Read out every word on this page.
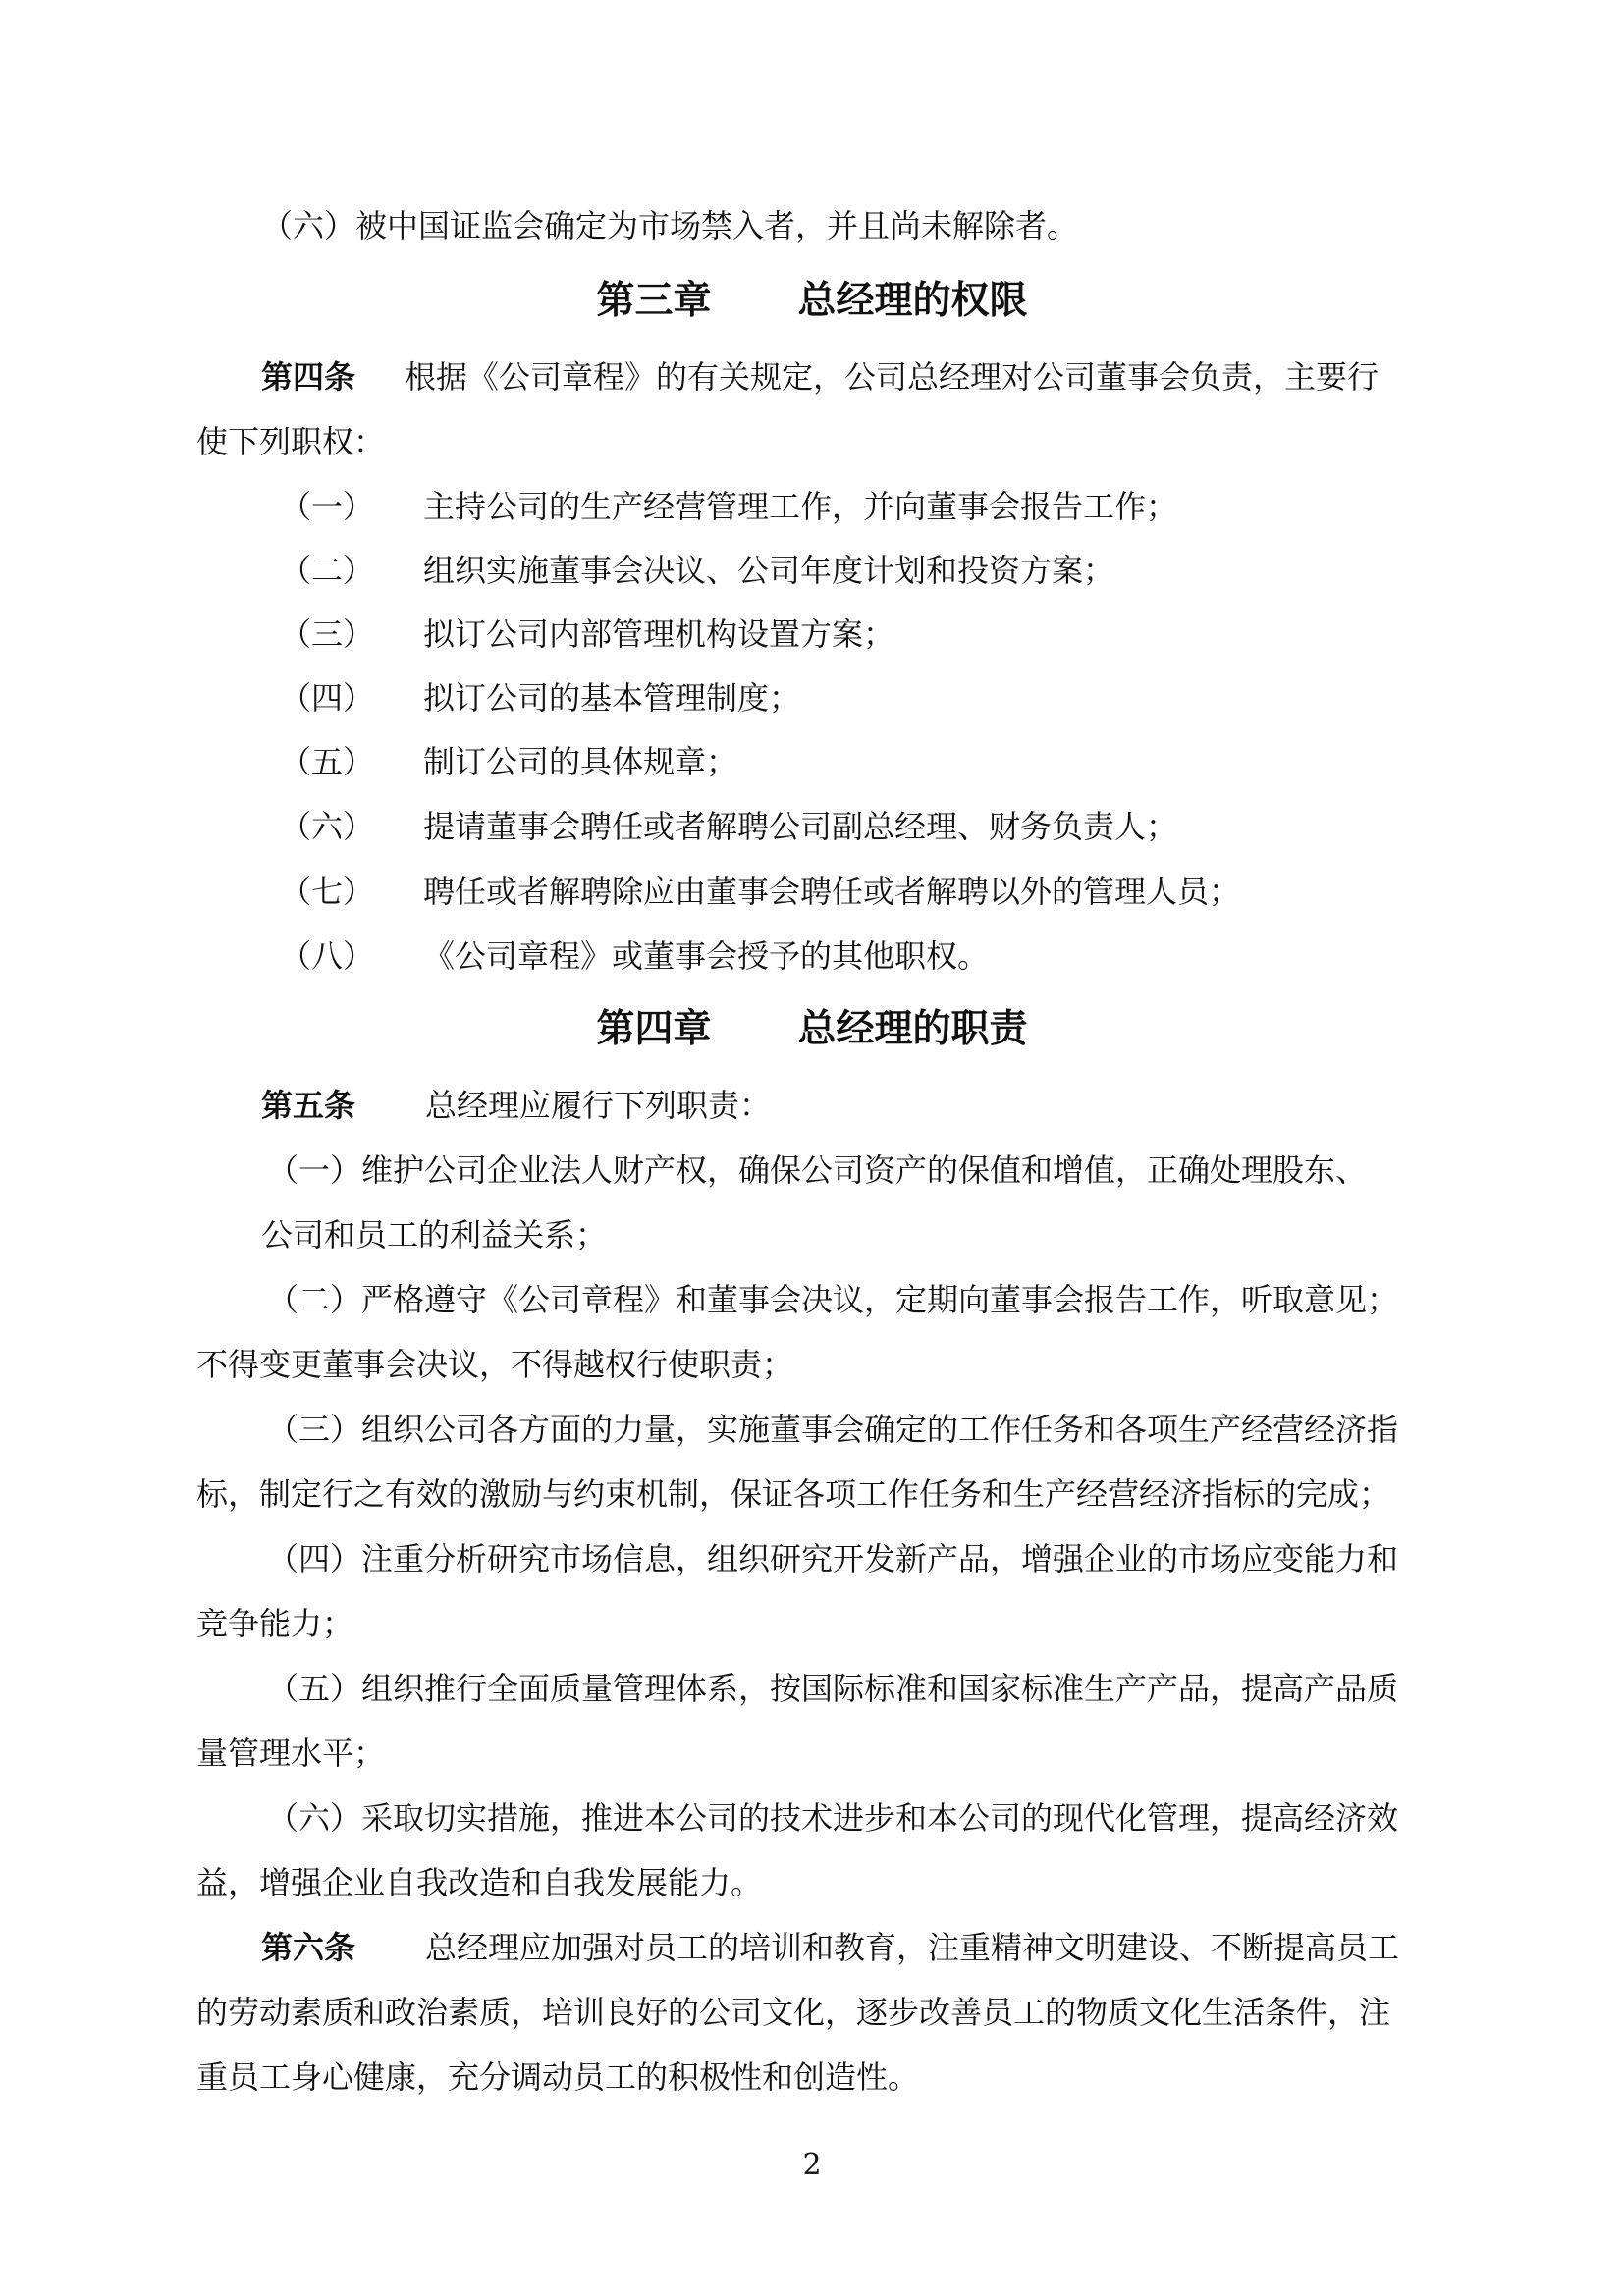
（六）被中国证监会确定为市场禁入者，并且尚未解除者。
第三章 总经理的权限
第四条 根据《公司章程》的有关规定，公司总经理对公司董事会负责，主要行
使下列职权：
（一） 主持公司的生产经营管理工作，并向董事会报告工作；
（二） 组织实施董事会决议、公司年度计划和投资方案；
（三） 拟订公司内部管理机构设置方案；
（四） 拟订公司的基本管理制度；
（五） 制订公司的具体规章；
（六） 提请董事会聘任或者解聘公司副总经理、财务负责人；
（七） 聘任或者解聘除应由董事会聘任或者解聘以外的管理人员；
（八） 《公司章程》或董事会授予的其他职权。
第四章 总经理的职责
第五条 总经理应履行下列职责：
（一）维护公司企业法人财产权，确保公司资产的保值和增值，正确处理股东、
公司和员工的利益关系；
（二）严格遵守《公司章程》和董事会决议，定期向董事会报告工作，听取意见；
不得变更董事会决议，不得越权行使职责；
（三）组织公司各方面的力量，实施董事会确定的工作任务和各项生产经营经济指
标，制定行之有效的激励与约束机制，保证各项工作任务和生产经营经济指标的完成；
（四）注重分析研究市场信息，组织研究开发新产品，增强企业的市场应变能力和
竞争能力；
（五）组织推行全面质量管理体系，按国际标准和国家标准生产产品，提高产品质
量管理水平；
（六）采取切实措施，推进本公司的技术进步和本公司的现代化管理，提高经济效
益，增强企业自我改造和自我发展能力。
第六条 总经理应加强对员工的培训和教育，注重精神文明建设、不断提高员工
的劳动素质和政治素质，培训良好的公司文化，逐步改善员工的物质文化生活条件，注
重员工身心健康，充分调动员工的积极性和创造性。
2
